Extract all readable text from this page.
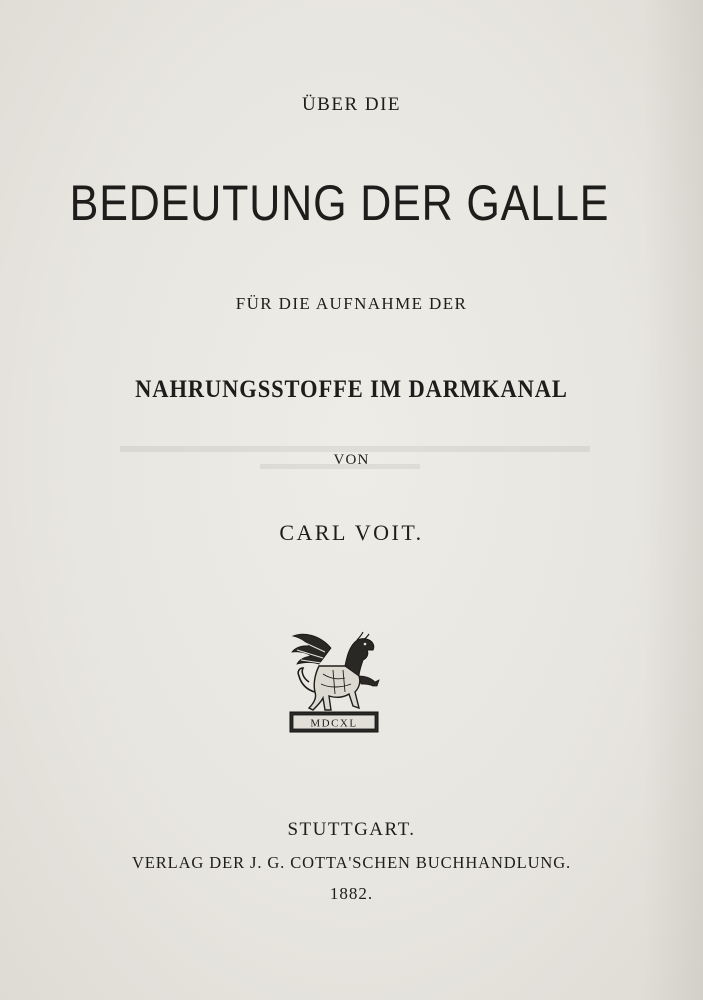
ÜBER DIE
BEDEUTUNG DER GALLE
FÜR DIE AUFNAHME DER
NAHRUNGSSTOFFE IM DARMKANAL
VON
CARL VOIT.
MDCXL
STUTTGART.
VERLAG DER J. G. COTTA'SCHEN BUCHHANDLUNG.
1882.
